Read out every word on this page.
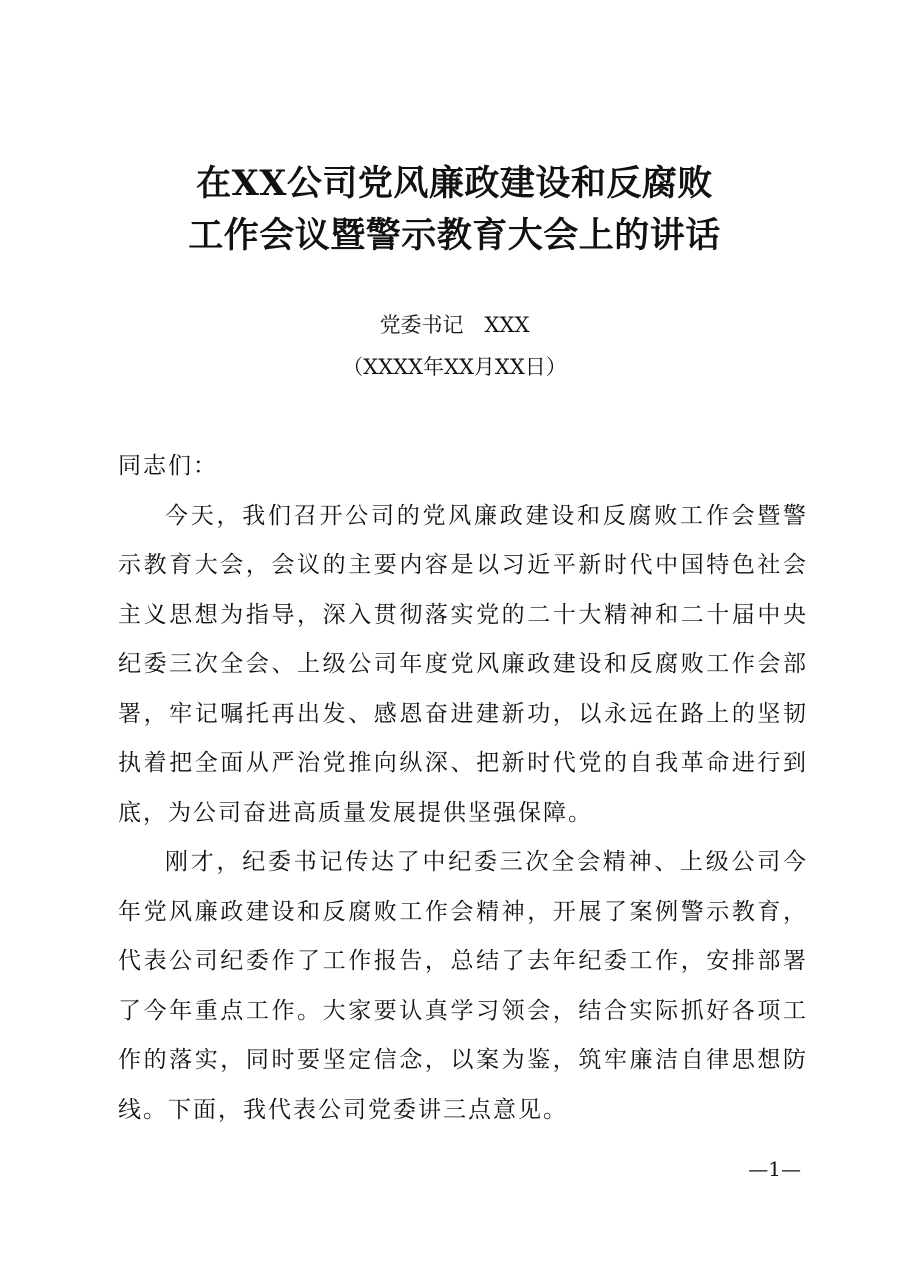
在XX公司党风廉政建设和反腐败
工作会议暨警示教育大会上的讲话
党委书记　XXX
（XXXX年XX月XX日）

同志们：

今天，我们召开公司的党风廉政建设和反腐败工作会暨警示教育大会，会议的主要内容是以习近平新时代中国特色社会主义思想为指导，深入贯彻落实党的二十大精神和二十届中央纪委三次全会、上级公司年度党风廉政建设和反腐败工作会部署，牢记嘱托再出发、感恩奋进建新功，以永远在路上的坚韧执着把全面从严治党推向纵深、把新时代党的自我革命进行到底，为公司奋进高质量发展提供坚强保障。

刚才，纪委书记传达了中纪委三次全会精神、上级公司今年党风廉政建设和反腐败工作会精神，开展了案例警示教育，代表公司纪委作了工作报告，总结了去年纪委工作，安排部署了今年重点工作。大家要认真学习领会，结合实际抓好各项工作的落实，同时要坚定信念，以案为鉴，筑牢廉洁自律思想防线。下面，我代表公司党委讲三点意见。

—1—
